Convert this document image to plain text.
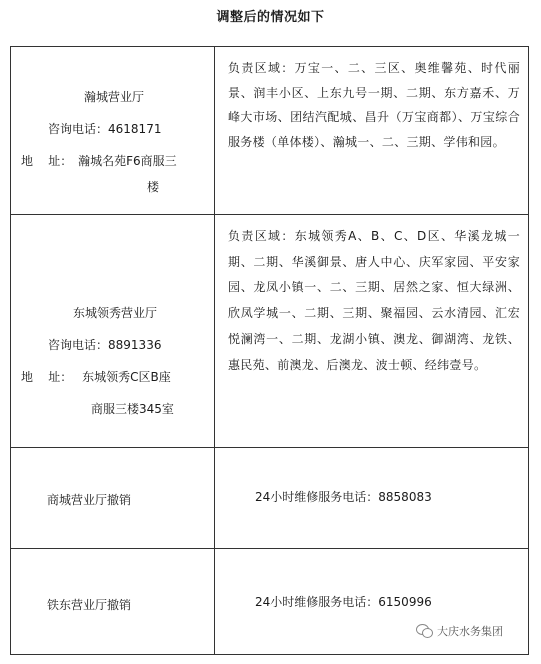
调整后的情况如下
瀚城营业厅
咨询电话：4618171
地    址： 瀚城名苑F6商服三
楼
负责区域：万宝一、二、三区、奥维馨苑、时代丽景、润丰小区、上东九号一期、二期、东方嘉禾、万峰大市场、团结汽配城、昌升（万宝商都）、万宝综合服务楼（单体楼）、瀚城一、二、三期、学伟和园。
东城领秀营业厅
咨询电话：8891336
地    址： 东城领秀C区B座
商服三楼345室
负责区域：东城领秀A、B、C、D区、华溪龙城一期、二期、华溪御景、唐人中心、庆军家园、平安家园、龙凤小镇一、二、三期、居然之家、恒大绿洲、欣凤学城一、二期、三期、聚福园、云水清园、汇宏悦澜湾一、二期、龙湖小镇、澳龙、御湖湾、龙铁、惠民苑、前澳龙、后澳龙、波士顿、经纬壹号。
商城营业厅撤销	24小时维修服务电话：8858083
铁东营业厅撤销	24小时维修服务电话：6150996
大庆水务集团
